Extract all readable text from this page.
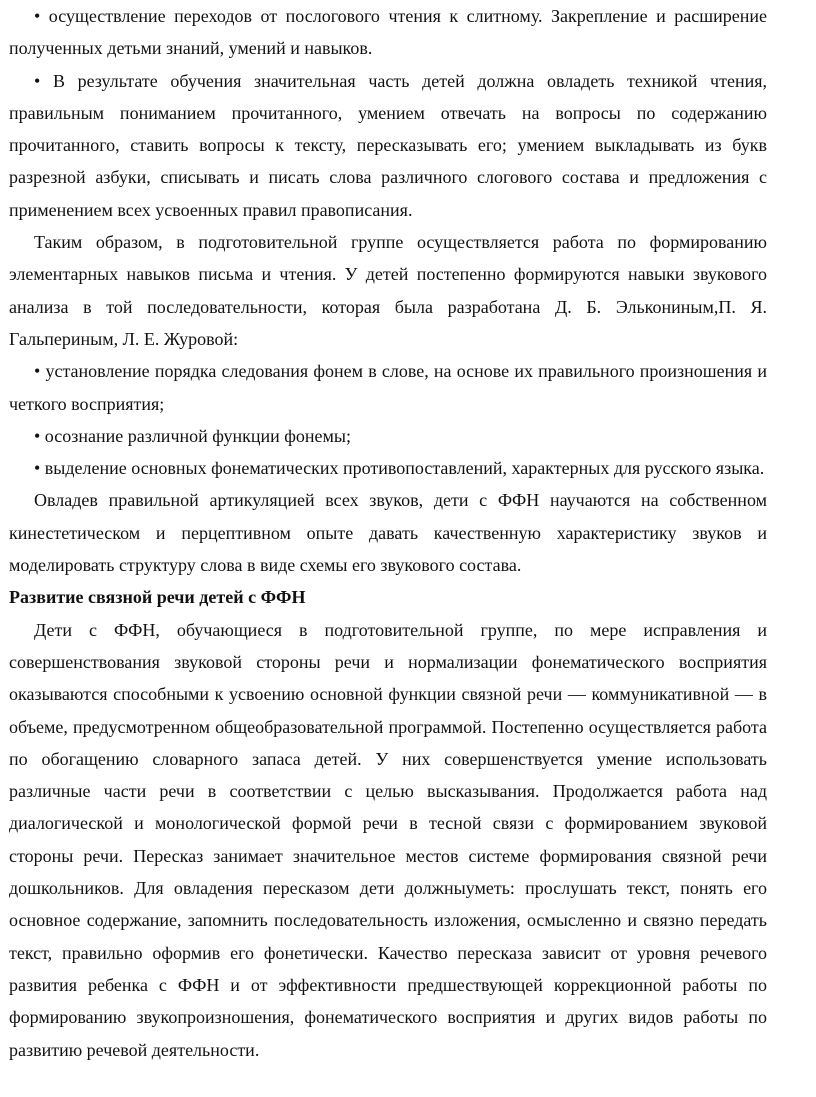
• осуществление переходов от послогового чтения к слитному. Закрепление и расширение полученных детьми знаний, умений и навыков.

• В результате обучения значительная часть детей должна овладеть техникой чтения, правильным пониманием прочитанного, умением отвечать на вопросы по содержанию прочитанного, ставить вопросы к тексту, пересказывать его; умением выкладывать из букв разрезной азбуки, списывать и писать слова различного слогового состава и предложения с применением всех усвоенных правил правописания.

Таким образом, в подготовительной группе осуществляется работа по формированию элементарных навыков письма и чтения. У детей постепенно формируются навыки звукового анализа в той последовательности, которая была разработана Д. Б. Элькониным,П. Я. Гальпериным, Л. Е. Журовой:

• установление порядка следования фонем в слове, на основе их правильного произношения и четкого восприятия;

• осознание различной функции фонемы;

• выделение основных фонематических противопоставлений, характерных для русского языка.

Овладев правильной артикуляцией всех звуков, дети с ФФН научаются на собственном кинестетическом и перцептивном опыте давать качественную характеристику звуков и моделировать структуру слова в виде схемы его звукового состава.

Развитие связной речи детей с ФФН

Дети с ФФН, обучающиеся в подготовительной группе, по мере исправления и совершенствования звуковой стороны речи и нормализации фонематического восприятия оказываются способными к усвоению основной функции связной речи — коммуникативной — в объеме, предусмотренном общеобразовательной программой. Постепенно осуществляется работа по обогащению словарного запаса детей. У них совершенствуется умение использовать различные части речи в соответствии с целью высказывания. Продолжается работа над диалогической и монологической формой речи в тесной связи с формированием звуковой стороны речи. Пересказ занимает значительное местов системе формирования связной речи дошкольников. Для овладения пересказом дети должныуметь: прослушать текст, понять его основное содержание, запомнить последовательность изложения, осмысленно и связно передать текст, правильно оформив его фонетически. Качество пересказа зависит от уровня речевого развития ребенка с ФФН и от эффективности предшествующей коррекционной работы по формированию звукопроизношения, фонематического восприятия и других видов работы по развитию речевой деятельности.
